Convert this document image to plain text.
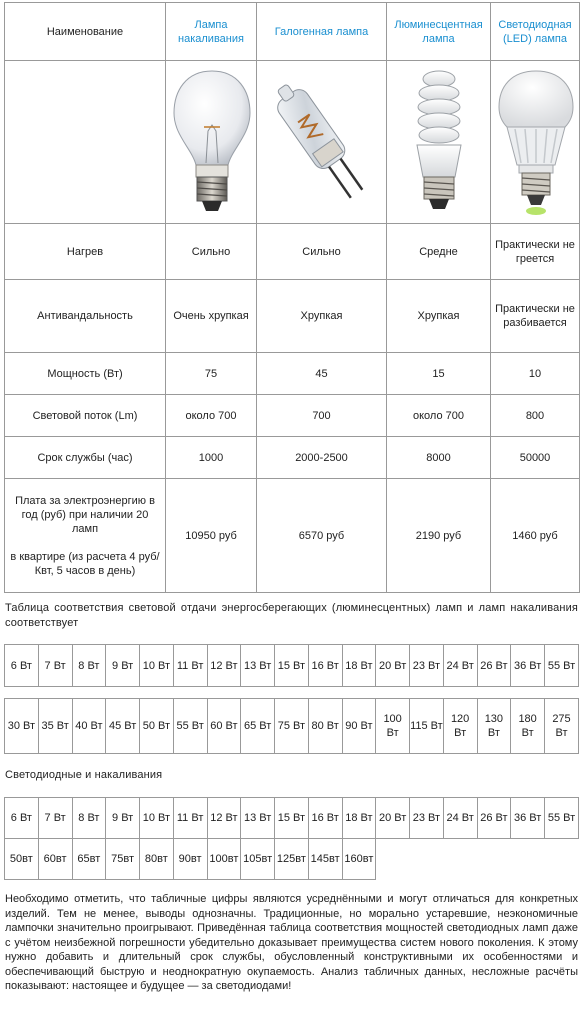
Наименование	Лампа накаливания	Галогенная лампа	Люминесцентная лампа	Светодиодная (LED) лампа

Нагрев	Сильно	Сильно	Средне	Практически не греется
Антивандальность	Очень хрупкая	Хрупкая	Хрупкая	Практически не разбивается
Мощность (Вт)	75	45	15	10
Световой поток (Lm)	около 700	700	около 700	800
Срок службы (час)	1000	2000-2500	8000	50000

Плата за электроэнергию в год (руб) при наличии 20 ламп
в квартире (из расчета 4 руб/Квт, 5 часов в день)	10950 руб	6570 руб	2190 руб	1460 руб
Таблица соответствия световой отдачи энергосберегающих (люминесцентных) ламп и ламп накаливания соответствует
6 Вт	7 Вт	8 Вт	9 Вт	10 Вт	11 Вт	12 Вт	13 Вт	15 Вт	16 Вт	18 Вт	20 Вт	23 Вт	24 Вт	26 Вт	36 Вт	55 Вт

30 Вт	35 Вт	40 Вт	45 Вт	50 Вт	55 Вт	60 Вт	65 Вт	75 Вт	80 Вт	90 Вт	100 Вт	115 Вт	120 Вт	130 Вт	180 Вт	275 Вт
Светодиодные и накаливания
6 Вт	7 Вт	8 Вт	9 Вт	10 Вт	11 Вт	12 Вт	13 Вт	15 Вт	16 Вт	18 Вт	20 Вт	23 Вт	24 Вт	26 Вт	36 Вт	55 Вт
50вт	60вт	65вт	75вт	80вт	90вт	100вт	105вт	125вт	145вт	160вт						
Необходимо отметить, что табличные цифры являются усреднёнными и могут отличаться для конкретных изделий. Тем не менее, выводы однозначны. Традиционные, но морально устаревшие, неэкономичные лампочки значительно проигрывают. Приведённая таблица соответствия мощностей светодиодных ламп даже с учётом неизбежной погрешности убедительно доказывает преимущества систем нового поколения. К этому нужно добавить и длительный срок службы, обусловленный конструктивными их особенностями и обеспечивающий быструю и неоднократную окупаемость. Анализ табличных данных, несложные расчёты показывают: настоящее и будущее — за светодиодами!
